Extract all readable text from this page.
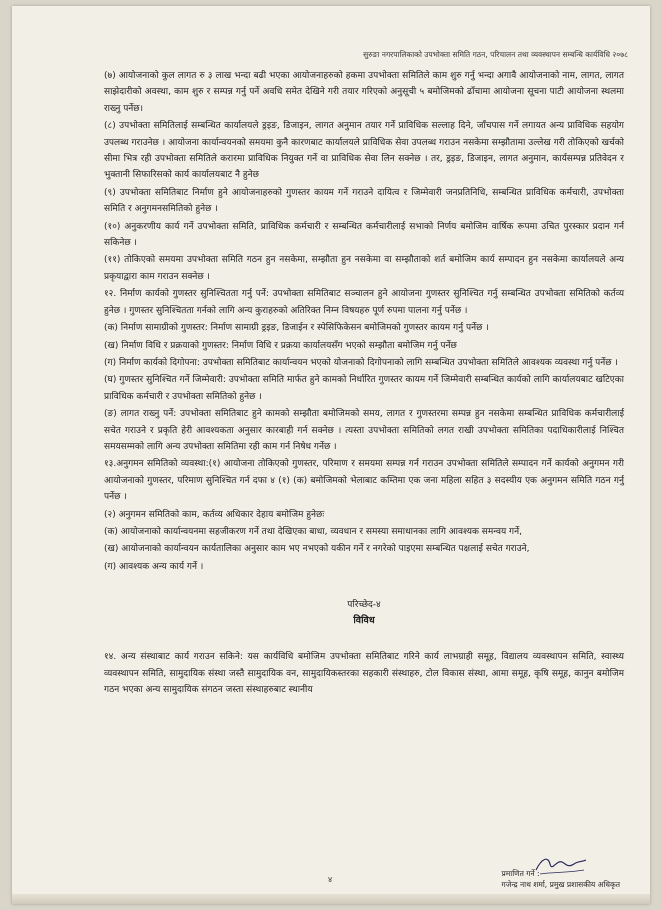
सुरुङा नगरपालिकाको उपभोक्ता समिति गठन, परिचालन तथा व्यवस्थापन सम्बन्धि कार्यविधि २०७८

(७) आयोजनाको कुल लागत रु ३ लाख भन्दा बढी भएका आयोजनाहरुको हकमा उपभोक्ता समितिले काम शुरु गर्नु भन्दा अगावै आयोजनाको नाम, लागत, लागत साझेदारीको अवस्था, काम शुरु र सम्पन्न गर्नु पर्ने अवधि समेत देखिने गरी तयार गरिएको अनुसूची ५ बमोजिमको ढाँचामा आयोजना सूचना पाटी आयोजना स्थलमा राख्नु पर्नेछ।

(८) उपभोक्ता समितिलाई सम्बन्धित कार्यालयले ड्रइङ, डिजाइन, लागत अनुमान तयार गर्ने प्राविधिक सल्लाह दिने, जाँचपास गर्ने लगायत अन्य प्राविधिक सहयोग उपलब्ध गराउनेछ । आयोजना कार्यान्वयनको समयमा कुनै कारणबाट कार्यालयले प्राविधिक सेवा उपलब्ध गराउन नसकेमा सम्झौतामा उल्लेख गरी तोकिएको खर्चको सीमा भित्र रही उपभोक्ता समितिले करारमा प्राविधिक नियुक्त गर्ने वा प्राविधिक सेवा लिन सक्नेछ । तर, ड्रइङ, डिजाइन, लागत अनुमान, कार्यसम्पन्न प्रतिवेदन र भुक्तानी सिफारिसको कार्य कार्यालयबाट नै हुनेछ

(९) उपभोक्ता समितिबाट निर्माण हुने आयोजनाहरुको गुणस्तर कायम गर्ने गराउने दायित्व र जिम्मेवारी जनप्रतिनिधि, सम्बन्धित प्राविधिक कर्मचारी, उपभोक्ता समिति र अनुगमनसमितिको हुनेछ ।

(१०) अनुकरणीय कार्य गर्ने उपभोक्ता समिति, प्राविधिक कर्मचारी र सम्बन्धित कर्मचारीलाई सभाको निर्णय बमोजिम वार्षिक रूपमा उचित पुरस्कार प्रदान गर्न सकिनेछ ।

(११) तोकिएको समयमा उपभोक्ता समिति गठन हुन नसकेमा, सम्झौता हुन नसकेमा वा सम्झौताको शर्त बमोजिम कार्य सम्पादन हुन नसकेमा कार्यालयले अन्य प्रकृयाद्वारा काम गराउन सक्नेछ ।

१२. निर्माण कार्यको गुणस्तर सुनिश्चितता गर्नु पर्ने: उपभोक्ता समितिबाट सञ्चालन हुने आयोजना गुणस्तर सुनिश्चित गर्नु सम्बन्धित उपभोक्ता समितिको कर्तव्य हुनेछ । गुणस्तर सुनिश्चितता गर्नको लागि अन्य कुराहरुको अतिरिक्त निम्न विषयहरु पूर्ण रुपमा पालना गर्नु पर्नेछ ।

(क) निर्माण सामाग्रीको गुणस्तर: निर्माण सामाग्री ड्रइङ, डिजाईन र स्पेसिफिकेसन बमोजिमको गुणस्तर कायम गर्नु पर्नेछ ।

(ख) निर्माण विधि र प्रक्रयाको गुणस्तर: निर्माण विधि र प्रक्रया कार्यालयसँग भएको सम्झौता बमोजिम गर्नु पर्नेछ

(ग) निर्माण कार्यको दिगोपना: उपभोक्ता समितिबाट कार्यान्वयन भएको योजनाको दिगोपनाको लागि सम्बन्धित उपभोक्ता समितिले आवश्यक व्यवस्था गर्नु पर्नेछ ।

(घ) गुणस्तर सुनिश्चित गर्ने जिम्मेवारी: उपभोक्ता समिति मार्फत हुने कामको निर्धारित गुणस्तर कायम गर्ने जिम्मेवारी सम्बन्धित कार्यको लागि कार्यालयबाट खटिएका प्राविधिक कर्मचारी र उपभोक्ता समितिको हुनेछ ।

(ङ) लागत राख्नु पर्ने: उपभोक्ता समितिबाट हुने कामको सम्झौता बमोजिमको समय, लागत र गुणस्तरमा सम्पन्न हुन नसकेमा सम्बन्धित प्राविधिक कर्मचारीलाई सचेत गराउने र प्रकृति हेरी आवश्यकता अनुसार कारबाही गर्न सक्नेछ । त्यस्ता उपभोक्ता समितिको लगत राखी उपभोक्ता समितिका पदाधिकारीलाई निश्चित समयसम्मको लागि अन्य उपभोक्ता समितिमा रही काम गर्न निषेध गर्नेछ ।

१३.अनुगमन समितिको व्यवस्था:(१) आयोजना तोकिएको गुणस्तर, परिमाण र समयमा सम्पन्न गर्न गराउन उपभोक्ता समितिले सम्पादन गर्ने कार्यको अनुगमन गरी आयोजनाको गुणस्तर, परिमाण सुनिश्चित गर्न दफा ४ (१) (क) बमोजिमको भेलाबाट कम्तिमा एक जना महिला सहित ३ सदस्यीय एक अनुगमन समिति गठन गर्नु पर्नेछ ।

(२) अनुगमन समितिको काम, कर्तव्य अधिकार देहाय बमोजिम हुनेछः

(क) आयोजनाको कार्यान्वयनमा सहजीकरण गर्ने तथा देखिएका बाधा, व्यवधान र समस्या समाधानका लागि आवश्यक समन्वय गर्ने,

(ख) आयोजनाको कार्यान्वयन कार्यतालिका अनुसार काम भए नभएको यकीन गर्ने र नगरेको पाइएमा सम्बन्धित पक्षलाई सचेत गराउने,

(ग) आवश्यक अन्य कार्य गर्ने ।

परिच्छेद-४
विविध

१४. अन्य संस्थाबाट कार्य गराउन सकिने: यस कार्यविधि बमोजिम उपभोक्ता समितिबाट गरिने कार्य लाभग्राही समूह, विद्यालय व्यवस्थापन समिति, स्वास्थ्य व्यवस्थापन समिति, सामुदायिक संस्था जस्तै सामुदायिक वन, सामुदायिकस्तरका सहकारी संस्थाहरु, टोल विकास संस्था, आमा समूह, कृषि समूह, कानुन बमोजिम गठन भएका अन्य सामुदायिक संगठन जस्ता संस्थाहरुबाट स्थानीय

प्रमाणित गर्ने :
गजेन्द्र नाथ शर्मा, प्रमुख प्रशासकीय अधिकृत
४
